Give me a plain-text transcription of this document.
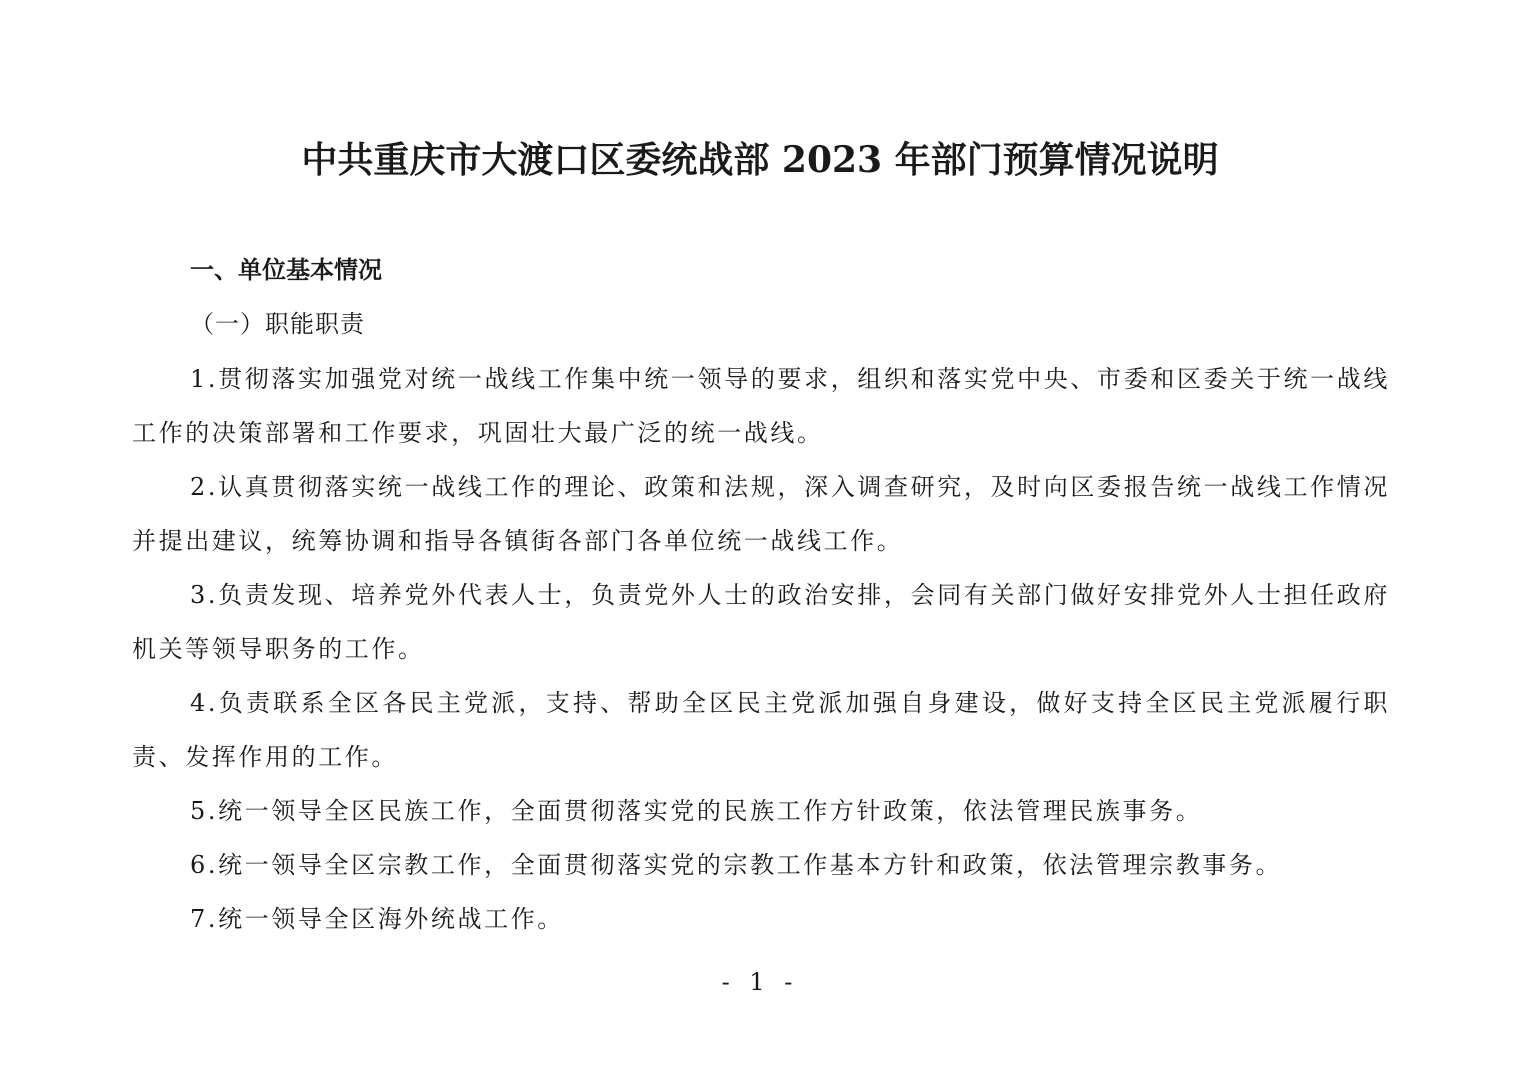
中共重庆市大渡口区委统战部 2023 年部门预算情况说明
一、单位基本情况
（一）职能职责

1.贯彻落实加强党对统一战线工作集中统一领导的要求，组织和落实党中央、市委和区委关于统一战线工作的决策部署和工作要求，巩固壮大最广泛的统一战线。

2.认真贯彻落实统一战线工作的理论、政策和法规，深入调查研究，及时向区委报告统一战线工作情况并提出建议，统筹协调和指导各镇街各部门各单位统一战线工作。

3.负责发现、培养党外代表人士，负责党外人士的政治安排，会同有关部门做好安排党外人士担任政府机关等领导职务的工作。

4.负责联系全区各民主党派，支持、帮助全区民主党派加强自身建设，做好支持全区民主党派履行职责、发挥作用的工作。

5.统一领导全区民族工作，全面贯彻落实党的民族工作方针政策，依法管理民族事务。

6.统一领导全区宗教工作，全面贯彻落实党的宗教工作基本方针和政策，依法管理宗教事务。

7.统一领导全区海外统战工作。

- 1 -
